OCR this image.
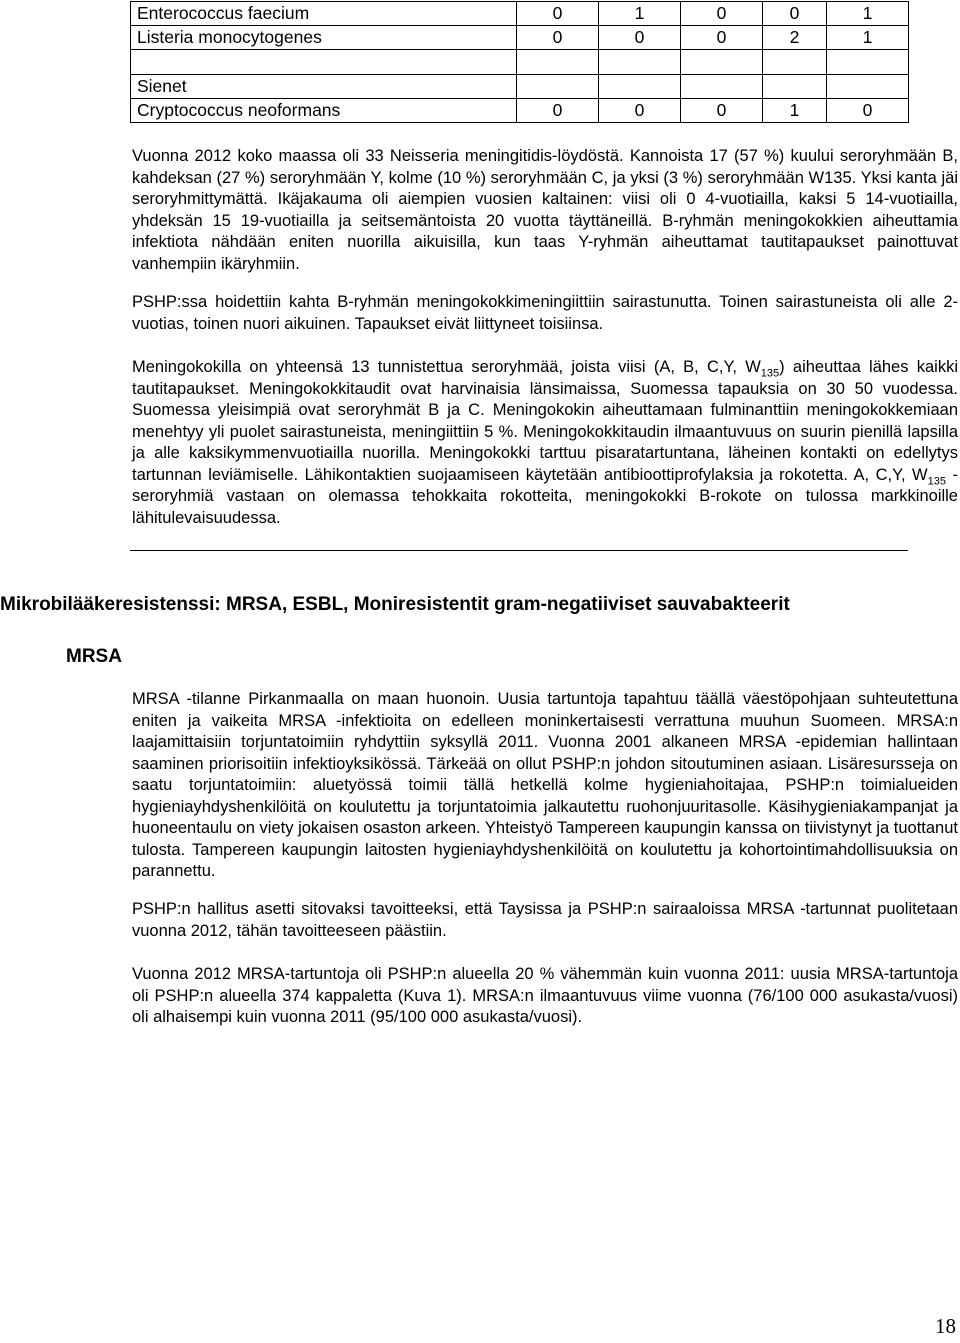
Enterococcus faecium	0	1	0	0	1
Listeria monocytogenes	0	0	0	2	1

Sienet					
Cryptococcus neoformans	0	0	0	1	0

Vuonna 2012 koko maassa oli 33 Neisseria meningitidis-löydöstä. Kannoista 17 (57 %) kuului seroryhmään B, kahdeksan (27 %) seroryhmään Y, kolme (10 %) seroryhmään C, ja yksi (3 %) seroryhmään W135. Yksi kanta jäi seroryhmittymättä. Ikäjakauma oli aiempien vuosien kaltainen: viisi oli 0 4-vuotiailla, kaksi 5 14-vuotiailla, yhdeksän 15 19-vuotiailla ja seitsemäntoista 20 vuotta täyttäneillä. B-ryhmän meningokokkien aiheuttamia infektiota nähdään eniten nuorilla aikuisilla, kun taas Y-ryhmän aiheuttamat tautitapaukset painottuvat vanhempiin ikäryhmiin.

PSHP:ssa hoidettiin kahta B-ryhmän meningokokkimeningiittiin sairastunutta. Toinen sairastuneista oli alle 2-vuotias, toinen nuori aikuinen. Tapaukset eivät liittyneet toisiinsa.

Meningokokilla on yhteensä 13 tunnistettua seroryhmää, joista viisi (A, B, C,Y, $W_{135}$) aiheuttaa lähes kaikki tautitapaukset. Meningokokkitaudit ovat harvinaisia länsimaissa, Suomessa tapauksia on 30 50 vuodessa. Suomessa yleisimpiä ovat seroryhmät B ja C. Meningokokin aiheuttamaan fulminanttiin meningokokkemiaan menehtyy yli puolet sairastuneista, meningiittiin 5 %. Meningokokkitaudin ilmaantuvuus on suurin pienillä lapsilla ja alle kaksikymmenvuotiailla nuorilla. Meningokokki tarttuu pisaratartuntana, läheinen kontakti on edellytys tartunnan leviämiselle. Lähikontaktien suojaamiseen käytetään antibioottiprofylaksia ja rokotetta. A, C,Y, $W_{135}$ -seroryhmiä vastaan on olemassa tehokkaita rokotteita, meningokokki B-rokote on tulossa markkinoille lähitulevaisuudessa.

Mikrobilääkeresistenssi: MRSA, ESBL, Moniresistentit gram-negatiiviset sauvabakteerit
MRSA

MRSA -tilanne Pirkanmaalla on maan huonoin. Uusia tartuntoja tapahtuu täällä väestöpohjaan suhteutettuna eniten ja vaikeita MRSA -infektioita on edelleen moninkertaisesti verrattuna muuhun Suomeen. MRSA:n laajamittaisiin torjuntatoimiin ryhdyttiin syksyllä 2011. Vuonna 2001 alkaneen MRSA -epidemian hallintaan saaminen priorisoitiin infektioyksikössä. Tärkeää on ollut PSHP:n johdon sitoutuminen asiaan. Lisäresursseja on saatu torjuntatoimiin: aluetyössä toimii tällä hetkellä kolme hygieniahoitajaa, PSHP:n toimialueiden hygieniayhdyshenkilöitä on koulutettu ja torjuntatoimia jalkautettu ruohonjuuritasolle. Käsihygieniakampanjat ja huoneentaulu on viety jokaisen osaston arkeen. Yhteistyö Tampereen kaupungin kanssa on tiivistynyt ja tuottanut tulosta. Tampereen kaupungin laitosten hygieniayhdyshenkilöitä on koulutettu ja kohortointimahdollisuuksia on parannettu.

PSHP:n hallitus asetti sitovaksi tavoitteeksi, että Taysissa ja PSHP:n sairaaloissa MRSA -tartunnat puolitetaan vuonna 2012, tähän tavoitteeseen päästiin.

Vuonna 2012 MRSA-tartuntoja oli PSHP:n alueella 20 % vähemmän kuin vuonna 2011: uusia MRSA-tartuntoja oli PSHP:n alueella 374 kappaletta (Kuva 1). MRSA:n ilmaantuvuus viime vuonna (76/100 000 asukasta/vuosi) oli alhaisempi kuin vuonna 2011 (95/100 000 asukasta/vuosi).

18
